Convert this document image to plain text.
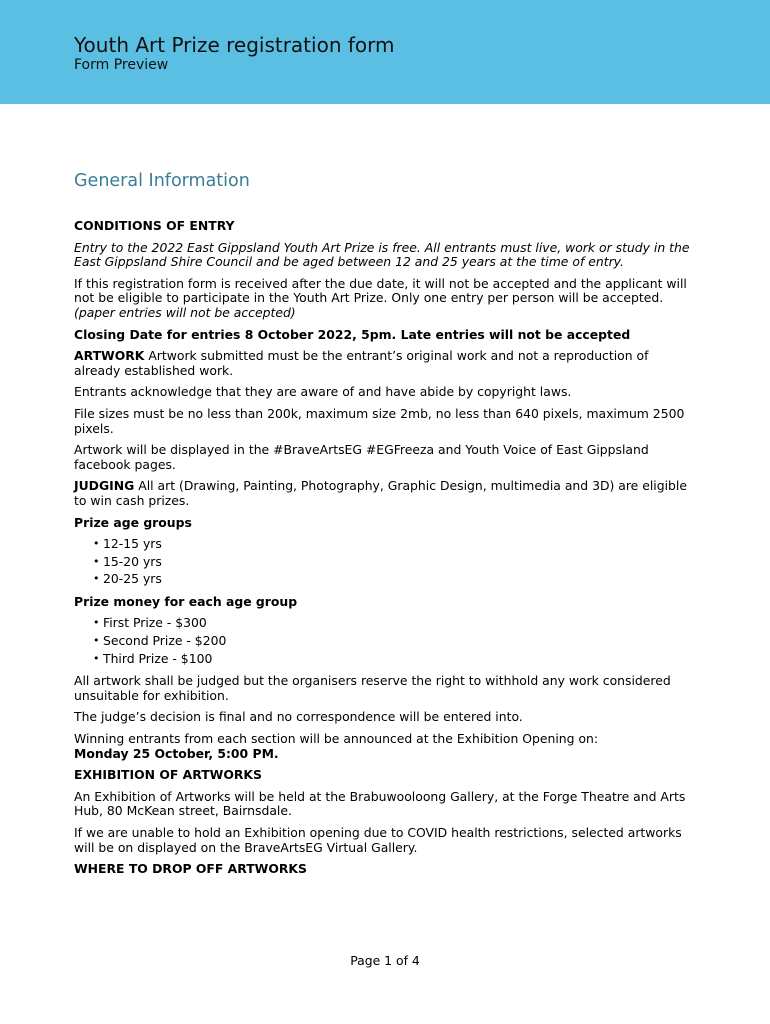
Youth Art Prize registration form
Form Preview
General Information

CONDITIONS OF ENTRY

Entry to the 2022 East Gippsland Youth Art Prize is free. All entrants must live, work or study in the East Gippsland Shire Council and be aged between 12 and 25 years at the time of entry.

If this registration form is received after the due date, it will not be accepted and the applicant will not be eligible to participate in the Youth Art Prize. Only one entry per person will be accepted. (paper entries will not be accepted)

Closing Date for entries 8 October 2022, 5pm. Late entries will not be accepted

ARTWORK Artwork submitted must be the entrant’s original work and not a reproduction of already established work.

Entrants acknowledge that they are aware of and have abide by copyright laws.

File sizes must be no less than 200k, maximum size 2mb, no less than 640 pixels, maximum 2500 pixels.

Artwork will be displayed in the #BraveArtsEG #EGFreeza and Youth Voice of East Gippsland facebook pages.

JUDGING All art (Drawing, Painting, Photography, Graphic Design, multimedia and 3D) are eligible to win cash prizes.

Prize age groups

• 12-15 yrs
• 15-20 yrs
• 20-25 yrs

Prize money for each age group

• First Prize - $300
• Second Prize - $200
• Third Prize - $100

All artwork shall be judged but the organisers reserve the right to withhold any work considered unsuitable for exhibition.

The judge’s decision is final and no correspondence will be entered into.

Winning entrants from each section will be announced at the Exhibition Opening on:
Monday 25 October, 5:00 PM.

EXHIBITION OF ARTWORKS

An Exhibition of Artworks will be held at the Brabuwooloong Gallery, at the Forge Theatre and Arts Hub, 80 McKean street, Bairnsdale.

If we are unable to hold an Exhibition opening due to COVID health restrictions, selected artworks will be on displayed on the BraveArtsEG Virtual Gallery.

WHERE TO DROP OFF ARTWORKS

Page 1 of 4
